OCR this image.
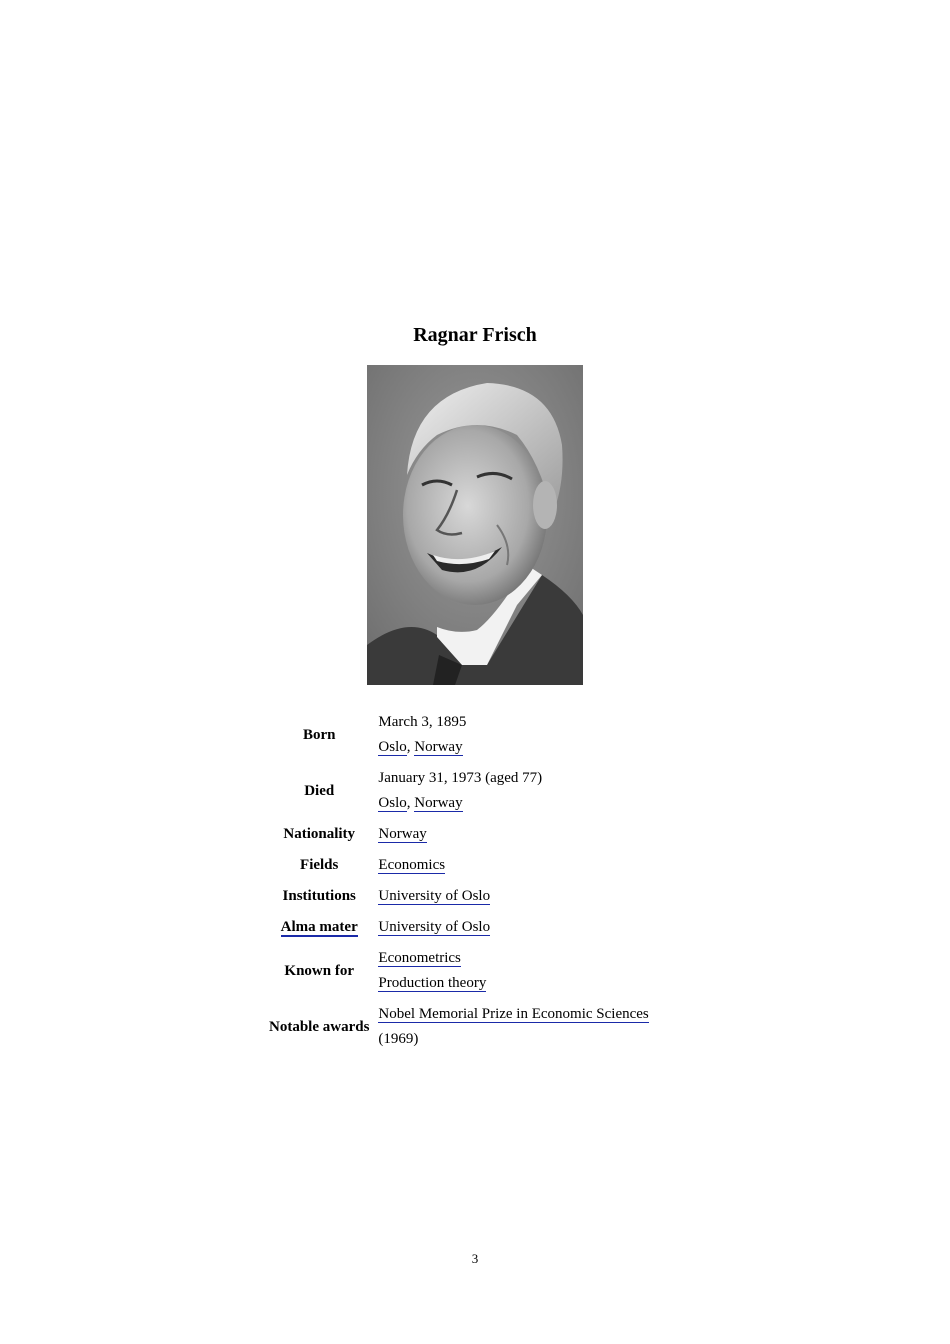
Ragnar Frisch
Born	March 3, 1895
Oslo, Norway

Died	January 31, 1973 (aged 77)
Oslo, Norway

Nationality	Norway
Fields	Economics
Institutions	University of Oslo
Alma mater	University of Oslo
Known for	Econometrics
Production theory

Notable awards	Nobel Memorial Prize in Economic Sciences
(1969)
3
